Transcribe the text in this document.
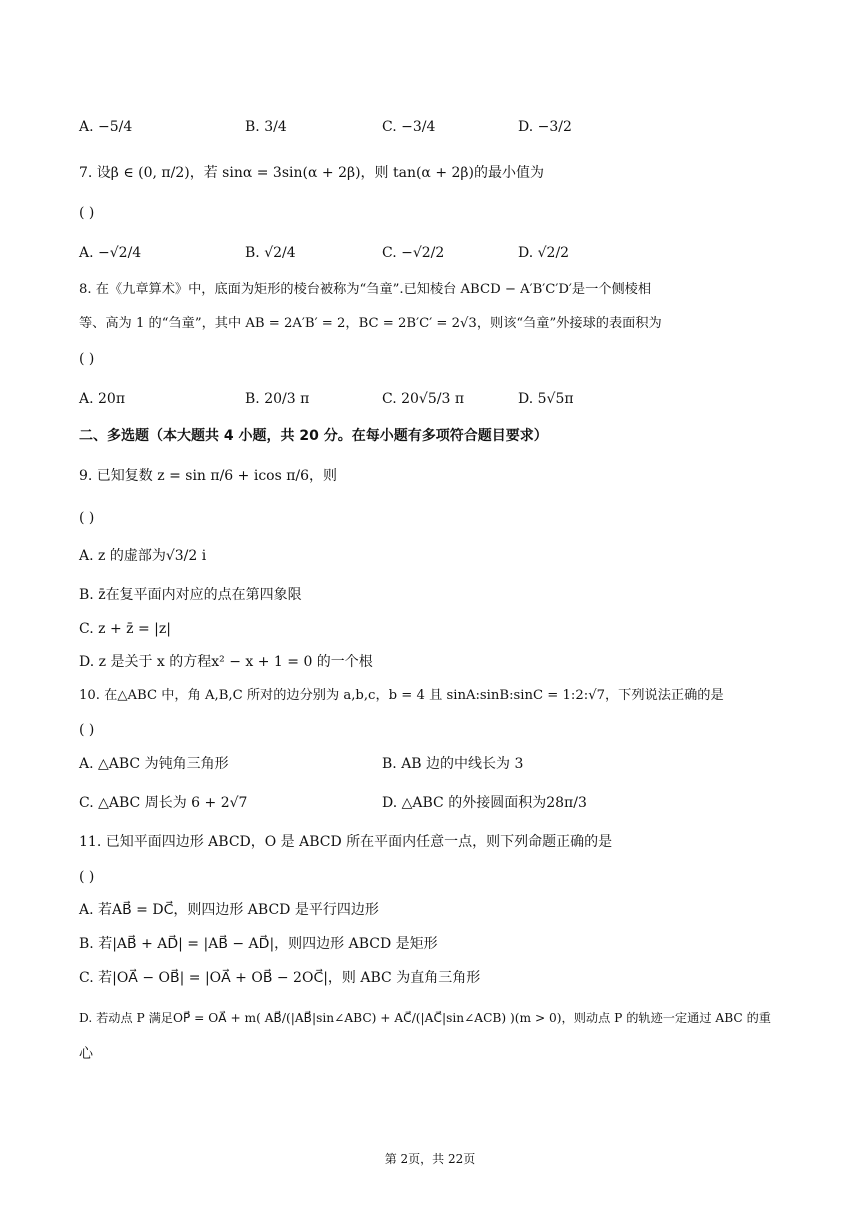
A. −5/4	B. 3/4	C. −3/4	D. −3/2
7. 设β ∈ (0, π/2)，若 sinα = 3sin(α + 2β)，则 tan(α + 2β)的最小值为
( )
A. −√2/4	B. √2/4	C. −√2/2	D. √2/2
8. 在《九章算术》中，底面为矩形的棱台被称为“刍童”.已知棱台 ABCD − A′B′C′D′是一个侧棱相
等、高为 1 的“刍童”，其中 AB = 2A′B′ = 2，BC = 2B′C′ = 2√3，则该“刍童”外接球的表面积为
( )
A. 20π	B. 20/3 π	C. 20√5/3 π	D. 5√5π
二、多选题（本大题共 4 小题，共 20 分。在每小题有多项符合题目要求）
9. 已知复数 z = sin π/6 + icos π/6，则
( )
A. z 的虚部为√3/2 i
B. z̄在复平面内对应的点在第四象限
C. z + z̄ = |z|
D. z 是关于 x 的方程x² − x + 1 = 0 的一个根
10. 在△ABC 中，角 A,B,C 所对的边分别为 a,b,c，b = 4 且 sinA:sinB:sinC = 1:2:√7，下列说法正确的是
( )
A. △ABC 为钝角三角形	B. AB 边的中线长为 3
C. △ABC 周长为 6 + 2√7	D. △ABC 的外接圆面积为28π/3
11. 已知平面四边形 ABCD，O 是 ABCD 所在平面内任意一点，则下列命题正确的是
( )
A. 若AB⃗ = DC⃗，则四边形 ABCD 是平行四边形
B. 若|AB⃗ + AD⃗| = |AB⃗ − AD⃗|，则四边形 ABCD 是矩形
C. 若|OA⃗ − OB⃗| = |OA⃗ + OB⃗ − 2OC⃗|，则 ABC 为直角三角形
D. 若动点 P 满足OP⃗ = OA⃗ + m( AB⃗/(|AB⃗|sin∠ABC) + AC⃗/(|AC⃗|sin∠ACB) )(m > 0)，则动点 P 的轨迹一定通过 ABC 的重
心
第 2页，共 22页
